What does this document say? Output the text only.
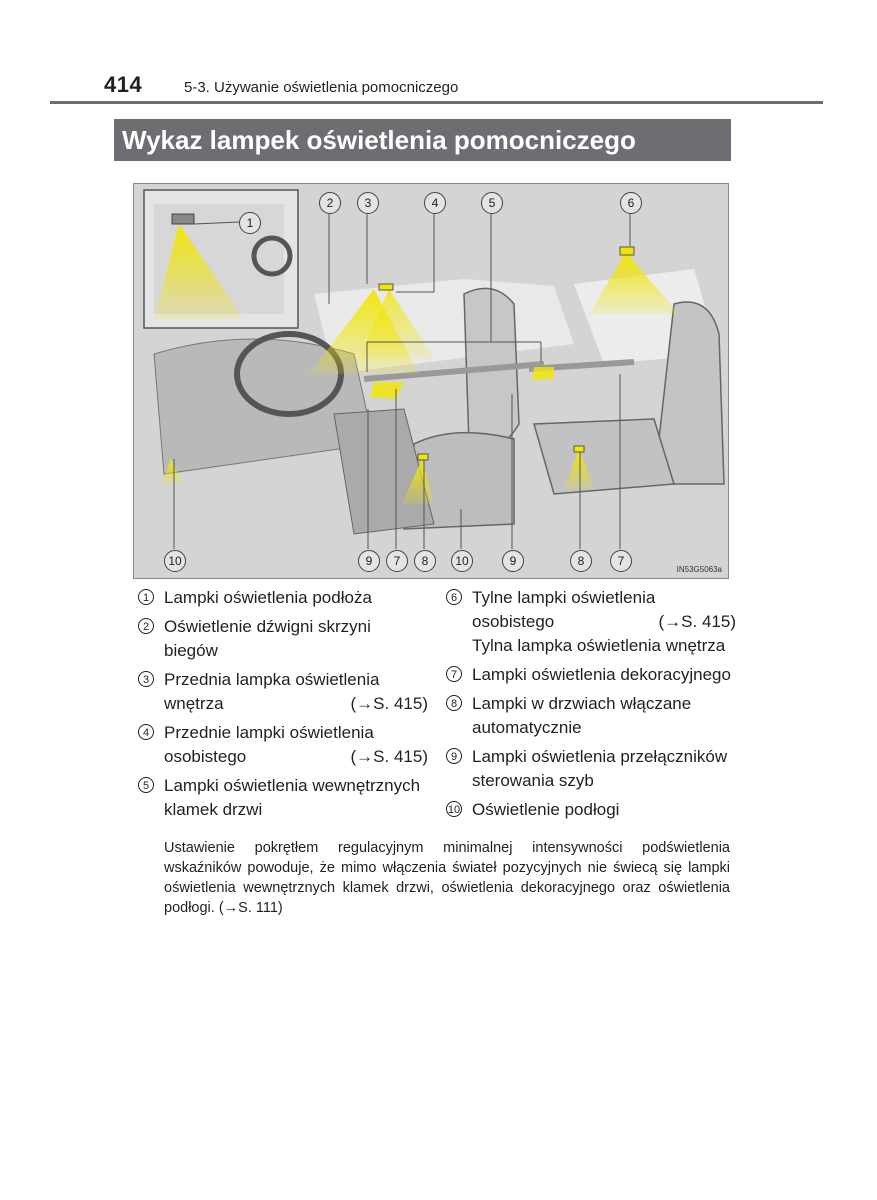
414	5-3. Używanie oświetlenia pomocniczego
Wykaz lampek oświetlenia pomocniczego
1
2	3	4	5	6
10	9	7	8	10	9	8	7
IN53G5063a
1 Lampki oświetlenia podłoża
2 Oświetlenie dźwigni skrzyni
biegów
3 Przednia lampka oświetlenia
wnętrza	(→S. 415)
4 Przednie lampki oświetlenia
osobistego	(→S. 415)
5 Lampki oświetlenia wewnętrznych
klamek drzwi
6 Tylne lampki oświetlenia
osobistego	(→S. 415)
Tylna lampka oświetlenia wnętrza
7 Lampki oświetlenia dekoracyjnego
8 Lampki w drzwiach włączane
automatycznie
9 Lampki oświetlenia przełączników
sterowania szyb
10 Oświetlenie podłogi
Ustawienie pokrętłem regulacyjnym minimalnej intensywności podświetlenia wskaźników powoduje, że mimo włączenia świateł pozycyjnych nie świecą się lampki oświetlenia wewnętrznych klamek drzwi, oświetlenia dekoracyjnego oraz oświetlenia podłogi. (→S. 111)
